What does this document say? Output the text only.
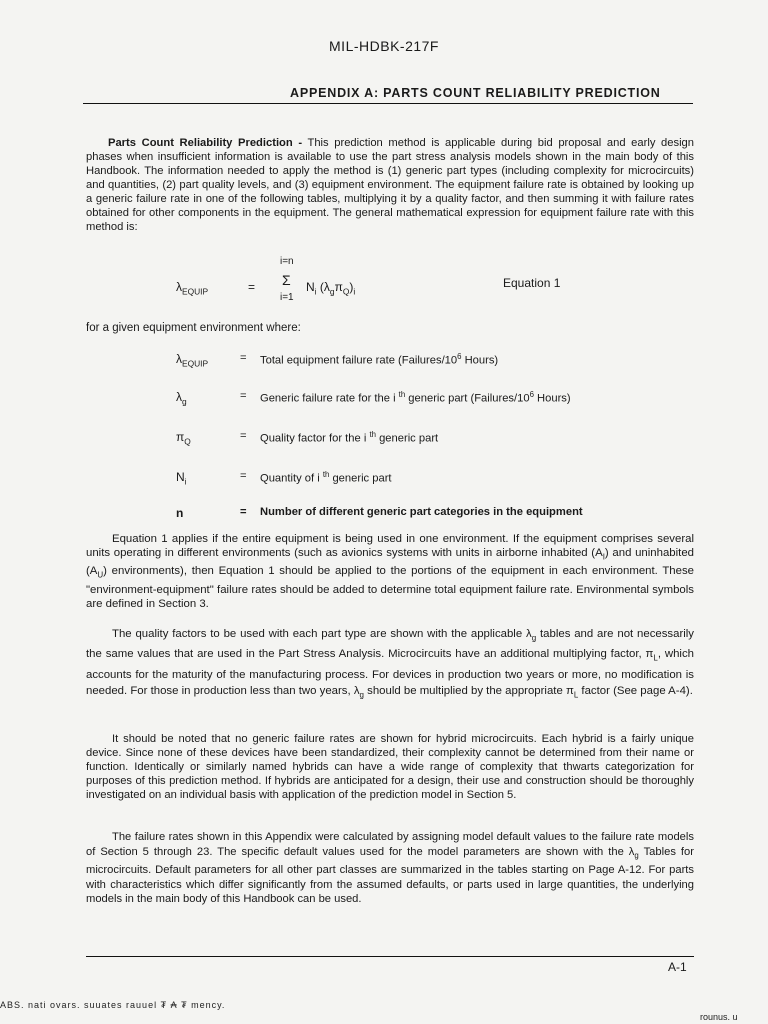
MIL-HDBK-217F
APPENDIX A: PARTS COUNT RELIABILITY PREDICTION
Parts Count Reliability Prediction - This prediction method is applicable during bid proposal and early design phases when insufficient information is available to use the part stress analysis models shown in the main body of this Handbook. The information needed to apply the method is (1) generic part types (including complexity for microcircuits) and quantities, (2) part quality levels, and (3) equipment environment. The equipment failure rate is obtained by looking up a generic failure rate in one of the following tables, multiplying it by a quality factor, and then summing it with failure rates obtained for other components in the equipment. The general mathematical expression for equipment failure rate with this method is:
$\lambda_{EQUIP}$	=
i=n
Σ
i=1
$N_i$ $(\lambda_g\pi_Q)_i$
Equation 1
for a given equipment environment where:
$\lambda_{EQUIP}$	= Total equipment failure rate ($Failures/10^6$ Hours)
$\lambda_g$	= Generic failure rate for the i $^{th}$ generic part ($Failures/10^6$ Hours)
$\pi_Q$	= Quality factor for the i $^{th}$ generic part
$N_i$	= Quantity of i $^{th}$ generic part
n	= Number of different generic part categories in the equipment
Equation 1 applies if the entire equipment is being used in one environment. If the equipment comprises several units operating in different environments (such as avionics systems with units in airborne inhabited $(A_I)$ and uninhabited $(A_U)$ environments), then Equation 1 should be applied to the portions of the equipment in each environment. These "environment-equipment" failure rates should be added to determine total equipment failure rate. Environmental symbols are defined in Section 3.
The quality factors to be used with each part type are shown with the applicable $\lambda_g$ tables and are not necessarily the same values that are used in the Part Stress Analysis. Microcircuits have an additional multiplying factor, $\pi_L$, which accounts for the maturity of the manufacturing process. For devices in production two years or more, no modification is needed. For those in production less than two years, $\lambda_g$ should be multiplied by the appropriate $\pi_L$ factor (See page A-4).
It should be noted that no generic failure rates are shown for hybrid microcircuits. Each hybrid is a fairly unique device. Since none of these devices have been standardized, their complexity cannot be determined from their name or function. Identically or similarly named hybrids can have a wide range of complexity that thwarts categorization for purposes of this prediction method. If hybrids are anticipated for a design, their use and construction should be thoroughly investigated on an individual basis with application of the prediction model in Section 5.
The failure rates shown in this Appendix were calculated by assigning model default values to the failure rate models of Section 5 through 23. The specific default values used for the model parameters are shown with the $\lambda_g$ Tables for microcircuits. Default parameters for all other part classes are summarized in the tables starting on Page A-12. For parts with characteristics which differ significantly from the assumed defaults, or parts used in large quantities, the underlying models in the main body of this Handbook can be used.
A-1
ABS. nati ovars. suuates rauuel ₮ ₳ ₮ mency.
rounus. u
